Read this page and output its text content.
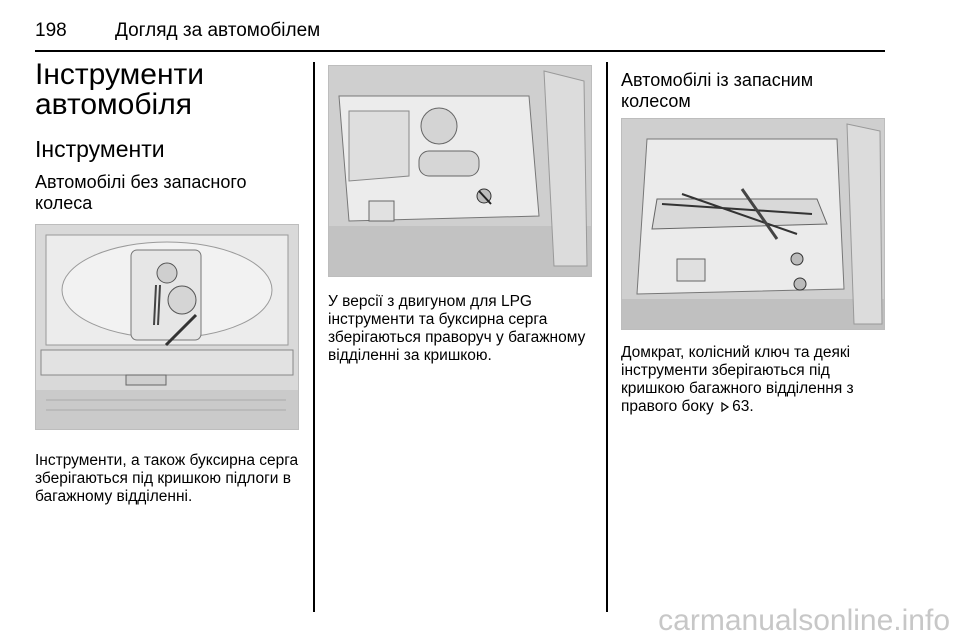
198	Догляд за автомобілем
Інструменти автомобіля
Інструменти
Автомобілі без запасного колеса

Інструменти, а також буксирна серга зберігаються під кришкою підлоги в багажному відділенні.

У версії з двигуном для LPG інструменти та буксирна серга зберігаються праворуч у багажному відділенні за кришкою.

Автомобілі із запасним колесом

Домкрат, колісний ключ та деякі інструменти зберігаються під кришкою багажного відділення з правого боку 63.

carmanualsonline.info
